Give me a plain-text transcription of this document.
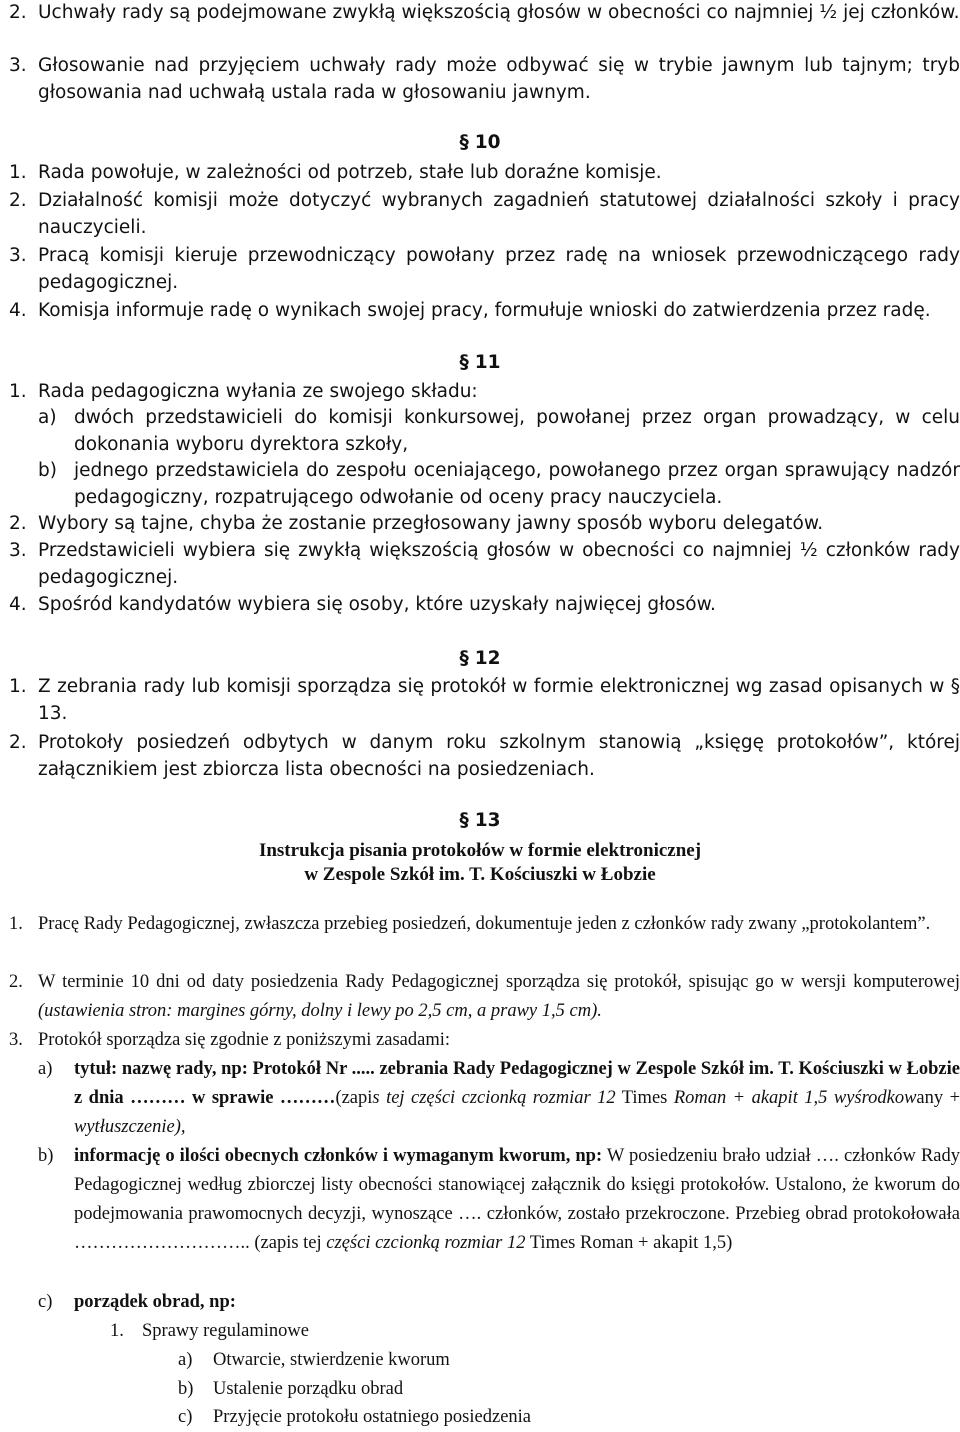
2. Uchwały rady są podejmowane zwykłą większością głosów w obecności co najmniej ½ jej członków.
3. Głosowanie nad przyjęciem uchwały rady może odbywać się w trybie jawnym lub tajnym; tryb głosowania nad uchwałą ustala rada w głosowaniu jawnym.
§ 10
1. Rada powołuje, w zależności od potrzeb, stałe lub doraźne komisje.
2. Działalność komisji może dotyczyć wybranych zagadnień statutowej działalności szkoły i pracy nauczycieli.
3. Pracą komisji kieruje przewodniczący powołany przez radę na wniosek przewodniczącego rady pedagogicznej.
4. Komisja informuje radę o wynikach swojej pracy, formułuje wnioski do zatwierdzenia przez radę.
§ 11
1. Rada pedagogiczna wyłania ze swojego składu:
a) dwóch przedstawicieli do komisji konkursowej, powołanej przez organ prowadzący, w celu dokonania wyboru dyrektora szkoły,
b) jednego przedstawiciela do zespołu oceniającego, powołanego przez organ sprawujący nadzór pedagogiczny, rozpatrującego odwołanie od oceny pracy nauczyciela.
2. Wybory są tajne, chyba że zostanie przegłosowany jawny sposób wyboru delegatów.
3. Przedstawicieli wybiera się zwykłą większością głosów w obecności co najmniej ½ członków rady pedagogicznej.
4. Spośród kandydatów wybiera się osoby, które uzyskały najwięcej głosów.
§ 12
1. Z zebrania rady lub komisji sporządza się protokół w formie elektronicznej wg zasad opisanych w § 13.
2. Protokoły posiedzeń odbytych w danym roku szkolnym stanowią „księgę protokołów”, której załącznikiem jest zbiorcza lista obecności na posiedzeniach.
§ 13
Instrukcja pisania protokołów w formie elektronicznej
w Zespole Szkół im. T. Kościuszki w Łobzie
1. Pracę Rady Pedagogicznej, zwłaszcza przebieg posiedzeń, dokumentuje jeden z członków rady zwany „protokolantem”.
2. W terminie 10 dni od daty posiedzenia Rady Pedagogicznej sporządza się protokół, spisując go w wersji komputerowej (ustawienia stron: margines górny, dolny i lewy po 2,5 cm, a prawy 1,5 cm).
3. Protokół sporządza się zgodnie z poniższymi zasadami:
a) tytuł: nazwę rady, np: Protokół Nr ..... zebrania Rady Pedagogicznej w Zespole Szkół im. T. Kościuszki w Łobzie z dnia ……… w sprawie ………(zapis tej części czcionką rozmiar 12 Times Roman + akapit 1,5 wyśrodkowany + wytłuszczenie),
b) informację o ilości obecnych członków i wymaganym kworum, np: W posiedzeniu brało udział …. członków Rady Pedagogicznej według zbiorczej listy obecności stanowiącej załącznik do księgi protokołów. Ustalono, że kworum do podejmowania prawomocnych decyzji, wynoszące …. członków, zostało przekroczone. Przebieg obrad protokołowała ……………………….. (zapis tej części czcionką rozmiar 12 Times Roman + akapit 1,5)
c) porządek obrad, np:
1. Sprawy regulaminowe
a) Otwarcie, stwierdzenie kworum
b) Ustalenie porządku obrad
c) Przyjęcie protokołu ostatniego posiedzenia
